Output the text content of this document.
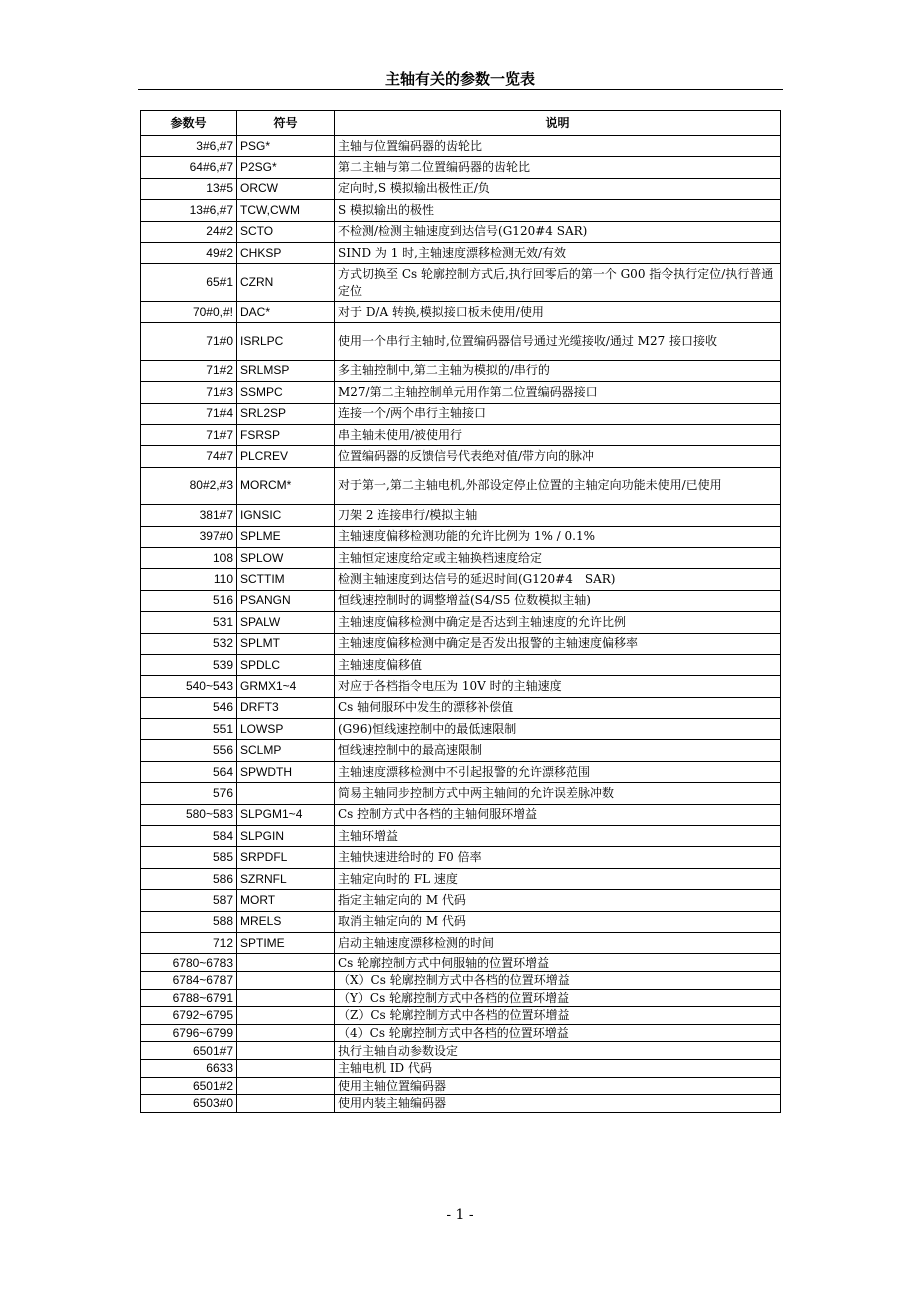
主轴有关的参数一览表
参数号	符号	说明
3#6,#7	PSG*	主轴与位置编码器的齿轮比
64#6,#7	P2SG*	第二主轴与第二位置编码器的齿轮比
13#5	ORCW	定向时,S 模拟输出极性正/负
13#6,#7	TCW,CWM	S 模拟输出的极性
24#2	SCTO	不检测/检测主轴速度到达信号(G120#4 SAR)
49#2	CHKSP	SIND 为 1 时,主轴速度漂移检测无效/有效
65#1	CZRN	方式切换至 Cs 轮廓控制方式后,执行回零后的第一个 G00 指令执行定位/执行普通定位
70#0,#!	DAC*	对于 D/A 转换,模拟接口板未使用/使用
71#0	ISRLPC	使用一个串行主轴时,位置编码器信号通过光缆接收/通过 M27 接口接收
71#2	SRLMSP	多主轴控制中,第二主轴为模拟的/串行的
71#3	SSMPC	M27/第二主轴控制单元用作第二位置编码器接口
71#4	SRL2SP	连接一个/两个串行主轴接口
71#7	FSRSP	串主轴未使用/被使用行
74#7	PLCREV	位置编码器的反馈信号代表绝对值/带方向的脉冲
80#2,#3	MORCM*	对于第一,第二主轴电机,外部设定停止位置的主轴定向功能未使用/已使用
381#7	IGNSIC	刀架 2 连接串行/模拟主轴
397#0	SPLME	主轴速度偏移检测功能的允许比例为 1% / 0.1%
108	SPLOW	主轴恒定速度给定或主轴换档速度给定
110	SCTTIM	检测主轴速度到达信号的延迟时间(G120#4　SAR)
516	PSANGN	恒线速控制时的调整增益(S4/S5 位数模拟主轴)
531	SPALW	主轴速度偏移检测中确定是否达到主轴速度的允许比例
532	SPLMT	主轴速度偏移检测中确定是否发出报警的主轴速度偏移率
539	SPDLC	主轴速度偏移值
540~543	GRMX1~4	对应于各档指令电压为 10V 时的主轴速度
546	DRFT3	Cs 轴伺服环中发生的漂移补偿值
551	LOWSP	(G96)恒线速控制中的最低速限制
556	SCLMP	恒线速控制中的最高速限制
564	SPWDTH	主轴速度漂移检测中不引起报警的允许漂移范围
576		简易主轴同步控制方式中两主轴间的允许误差脉冲数
580~583	SLPGM1~4	Cs 控制方式中各档的主轴伺服环增益
584	SLPGIN	主轴环增益
585	SRPDFL	主轴快速进给时的 F0 倍率
586	SZRNFL	主轴定向时的 FL 速度
587	MORT	指定主轴定向的 M 代码
588	MRELS	取消主轴定向的 M 代码
712	SPTIME	启动主轴速度漂移检测的时间
6780~6783		Cs 轮廓控制方式中伺服轴的位置环增益
6784~6787		（X）Cs 轮廓控制方式中各档的位置环增益
6788~6791		（Y）Cs 轮廓控制方式中各档的位置环增益
6792~6795		（Z）Cs 轮廓控制方式中各档的位置环增益
6796~6799		（4）Cs 轮廓控制方式中各档的位置环增益
6501#7		执行主轴自动参数设定
6633		主轴电机 ID 代码
6501#2		使用主轴位置编码器
6503#0		使用内装主轴编码器
- 1 -
